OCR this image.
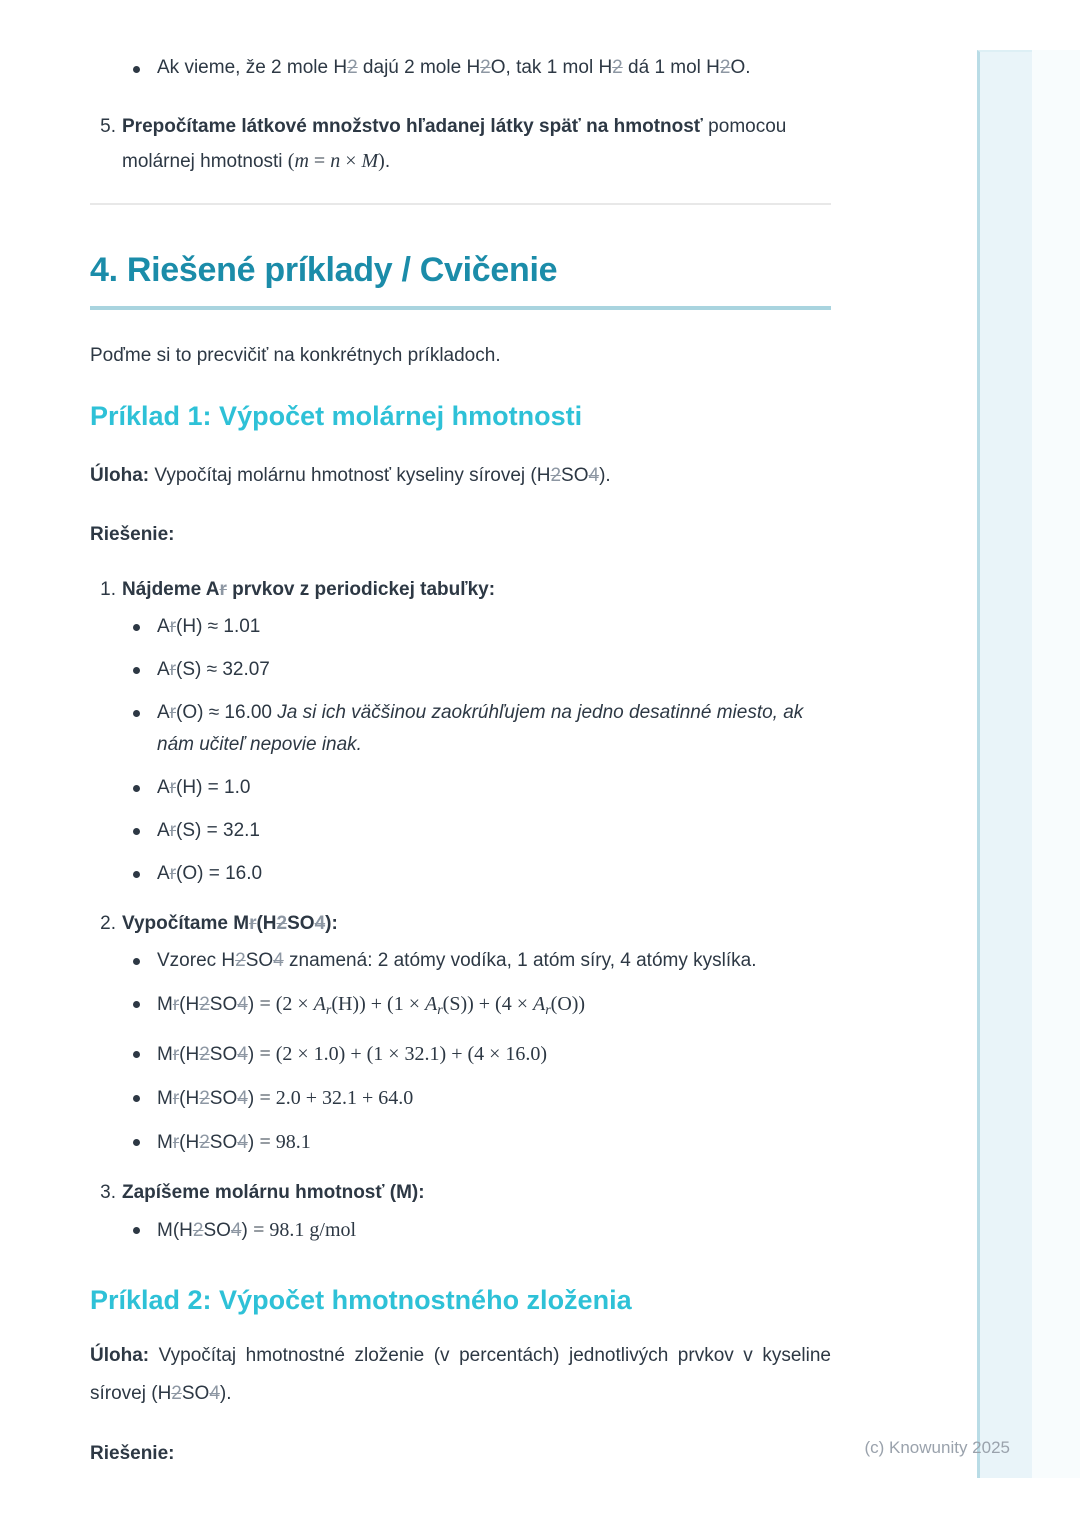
(c) Knowunity 2025
Ak vieme, že 2 mole H2 dajú 2 mole H2O, tak 1 mol H2 dá 1 mol H2O.
5. Prepočítame látkové množstvo hľadanej látky späť na hmotnosť pomocou molárnej hmotnosti (m = n × M).
4. Riešené príklady / Cvičenie

Poďme si to precvičiť na konkrétnych príkladoch.

Príklad 1: Výpočet molárnej hmotnosti

Úloha: Vypočítaj molárnu hmotnosť kyseliny sírovej (H2SO4).

Riešenie:

1. Nájdeme Ar prvkov z periodickej tabuľky:
Ar(H) ≈ 1.01
Ar(S) ≈ 32.07
Ar(O) ≈ 16.00 Ja si ich väčšinou zaokrúhľujem na jedno desatinné miesto, ak nám učiteľ nepovie inak.
Ar(H) = 1.0
Ar(S) = 32.1
Ar(O) = 16.0
2. Vypočítame Mr(H2SO4):
Vzorec H2SO4 znamená: 2 atómy vodíka, 1 atóm síry, 4 atómy kyslíka.
$Mr(H2SO4) = (2 \times A_r(H)) + (1 \times A_r(S)) + (4 \times A_r(O))$
Mr(H2SO4) = (2 × 1.0) + (1 × 32.1) + (4 × 16.0)
Mr(H2SO4) = 2.0 + 32.1 + 64.0
Mr(H2SO4) = 98.1
3. Zapíšeme molárnu hmotnosť (M):
M(H2SO4) = 98.1 g/mol
Príklad 2: Výpočet hmotnostného zloženia

Úloha: Vypočítaj hmotnostné zloženie (v percentách) jednotlivých prvkov v kyseline sírovej (H2SO4).

Riešenie:
